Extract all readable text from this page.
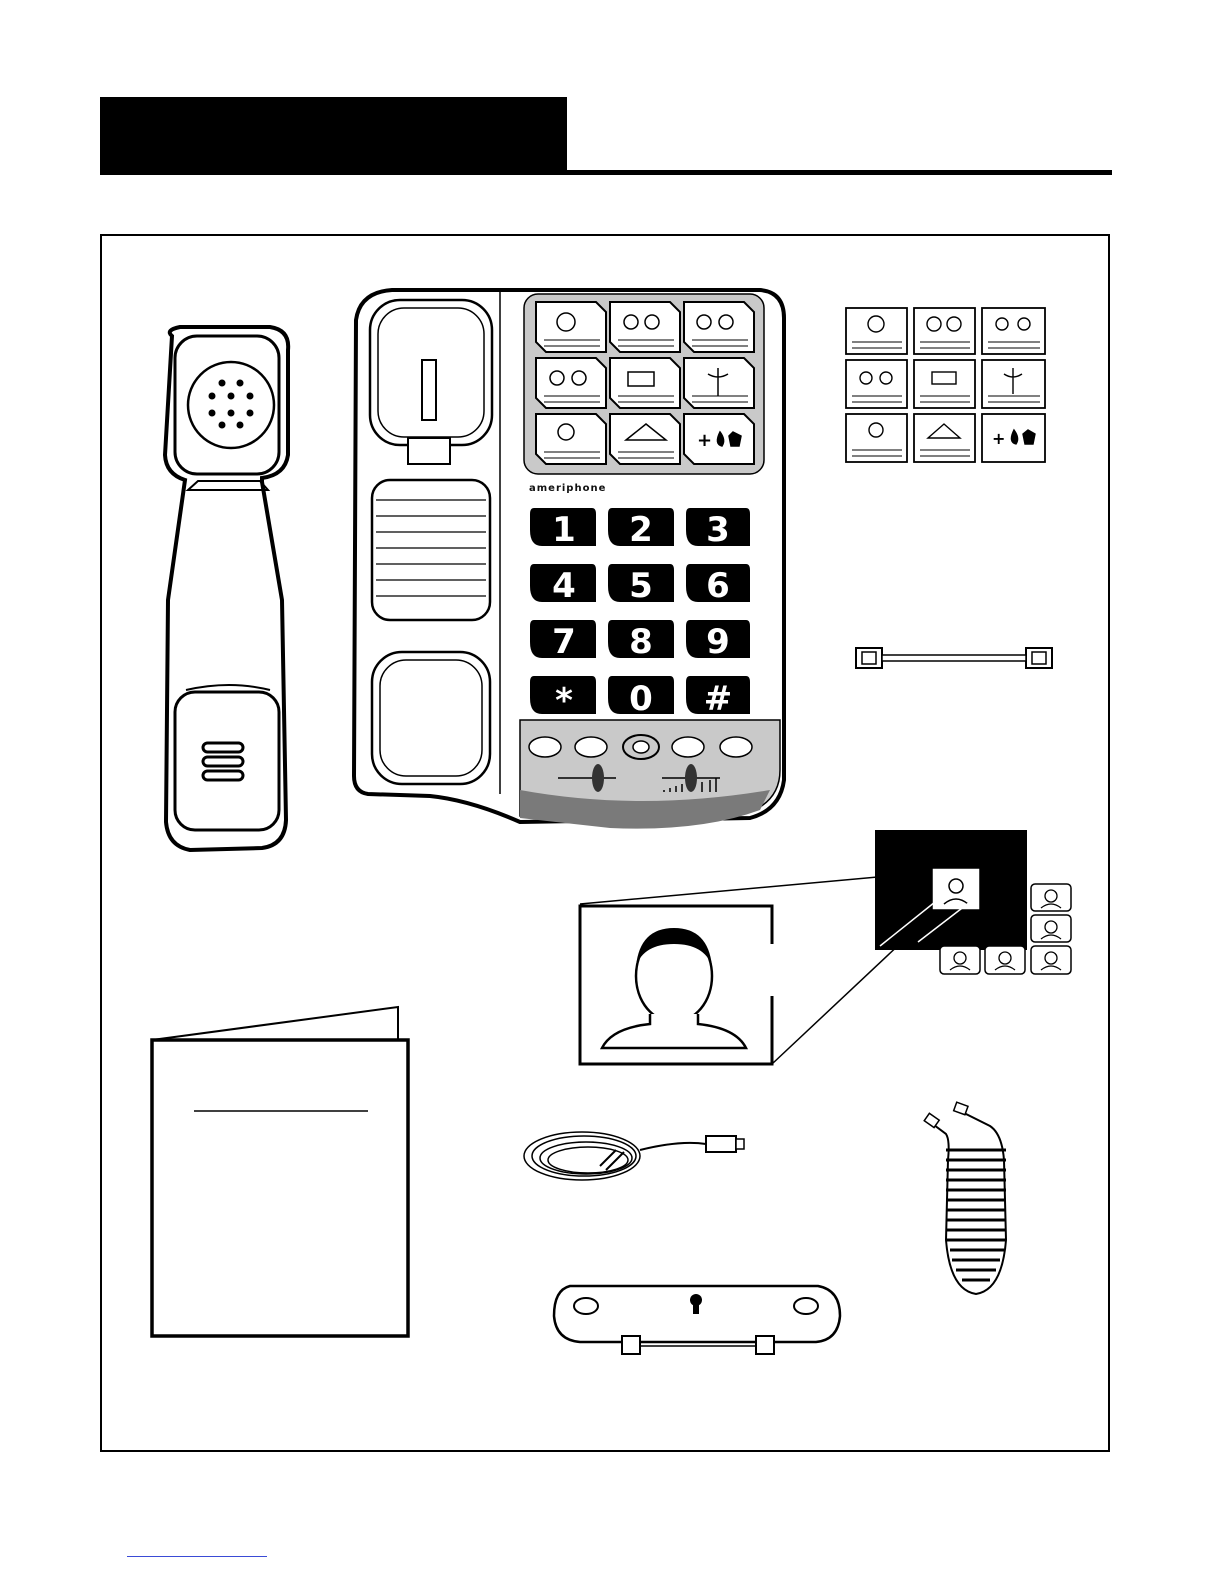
+
1 2 3
4 5 6
7 8 9
* 0 #
+
ameriphone
